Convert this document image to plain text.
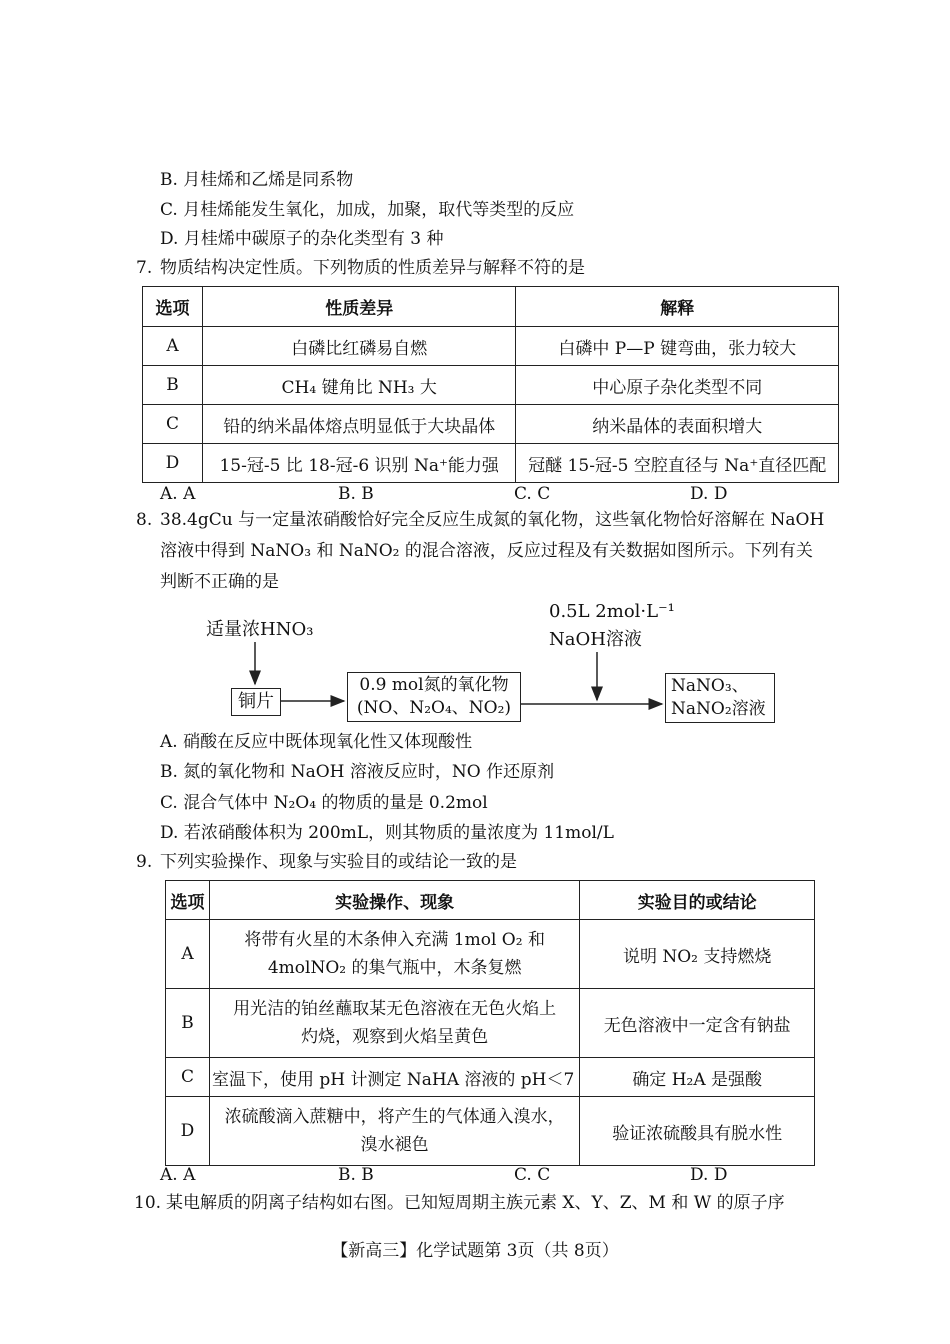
B. 月桂烯和乙烯是同系物
C. 月桂烯能发生氧化，加成，加聚，取代等类型的反应
D. 月桂烯中碳原子的杂化类型有 3 种
7. 物质结构决定性质。下列物质的性质差异与解释不符的是
选项	性质差异	解释
A	白磷比红磷易自燃	白磷中 P—P 键弯曲，张力较大
B	CH₄ 键角比 NH₃ 大	中心原子杂化类型不同
C	铅的纳米晶体熔点明显低于大块晶体	纳米晶体的表面积增大
D	15-冠-5 比 18-冠-6 识别 Na⁺能力强	冠醚 15-冠-5 空腔直径与 Na⁺直径匹配
A. A	B. B	C. C	D. D
8. 38.4gCu 与一定量浓硝酸恰好完全反应生成氮的氧化物，这些氧化物恰好溶解在 NaOH
溶液中得到 NaNO₃ 和 NaNO₂ 的混合溶液，反应过程及有关数据如图所示。下列有关
判断不正确的是
适量浓HNO₃
铜片
0.9 mol氮的氧化物
(NO、N₂O₄、NO₂)
0.5L 2mol·L⁻¹
NaOH溶液
NaNO₃、
NaNO₂溶液
A. 硝酸在反应中既体现氧化性又体现酸性
B. 氮的氧化物和 NaOH 溶液反应时，NO 作还原剂
C. 混合气体中 N₂O₄ 的物质的量是 0.2mol
D. 若浓硝酸体积为 200mL，则其物质的量浓度为 11mol/L
9. 下列实验操作、现象与实验目的或结论一致的是
选项	实验操作、现象	实验目的或结论
A	将带有火星的木条伸入充满 1mol O₂ 和
4molNO₂ 的集气瓶中，木条复燃	说明 NO₂ 支持燃烧
B	用光洁的铂丝蘸取某无色溶液在无色火焰上
灼烧，观察到火焰呈黄色	无色溶液中一定含有钠盐
C	室温下，使用 pH 计测定 NaHA 溶液的 pH＜7	确定 H₂A 是强酸
D	浓硫酸滴入蔗糖中，将产生的气体通入溴水，
溴水褪色	验证浓硫酸具有脱水性
A. A	B. B	C. C	D. D
10. 某电解质的阴离子结构如右图。已知短周期主族元素 X、Y、Z、M 和 W 的原子序
【新高三】化学试题第 3页（共 8页）
